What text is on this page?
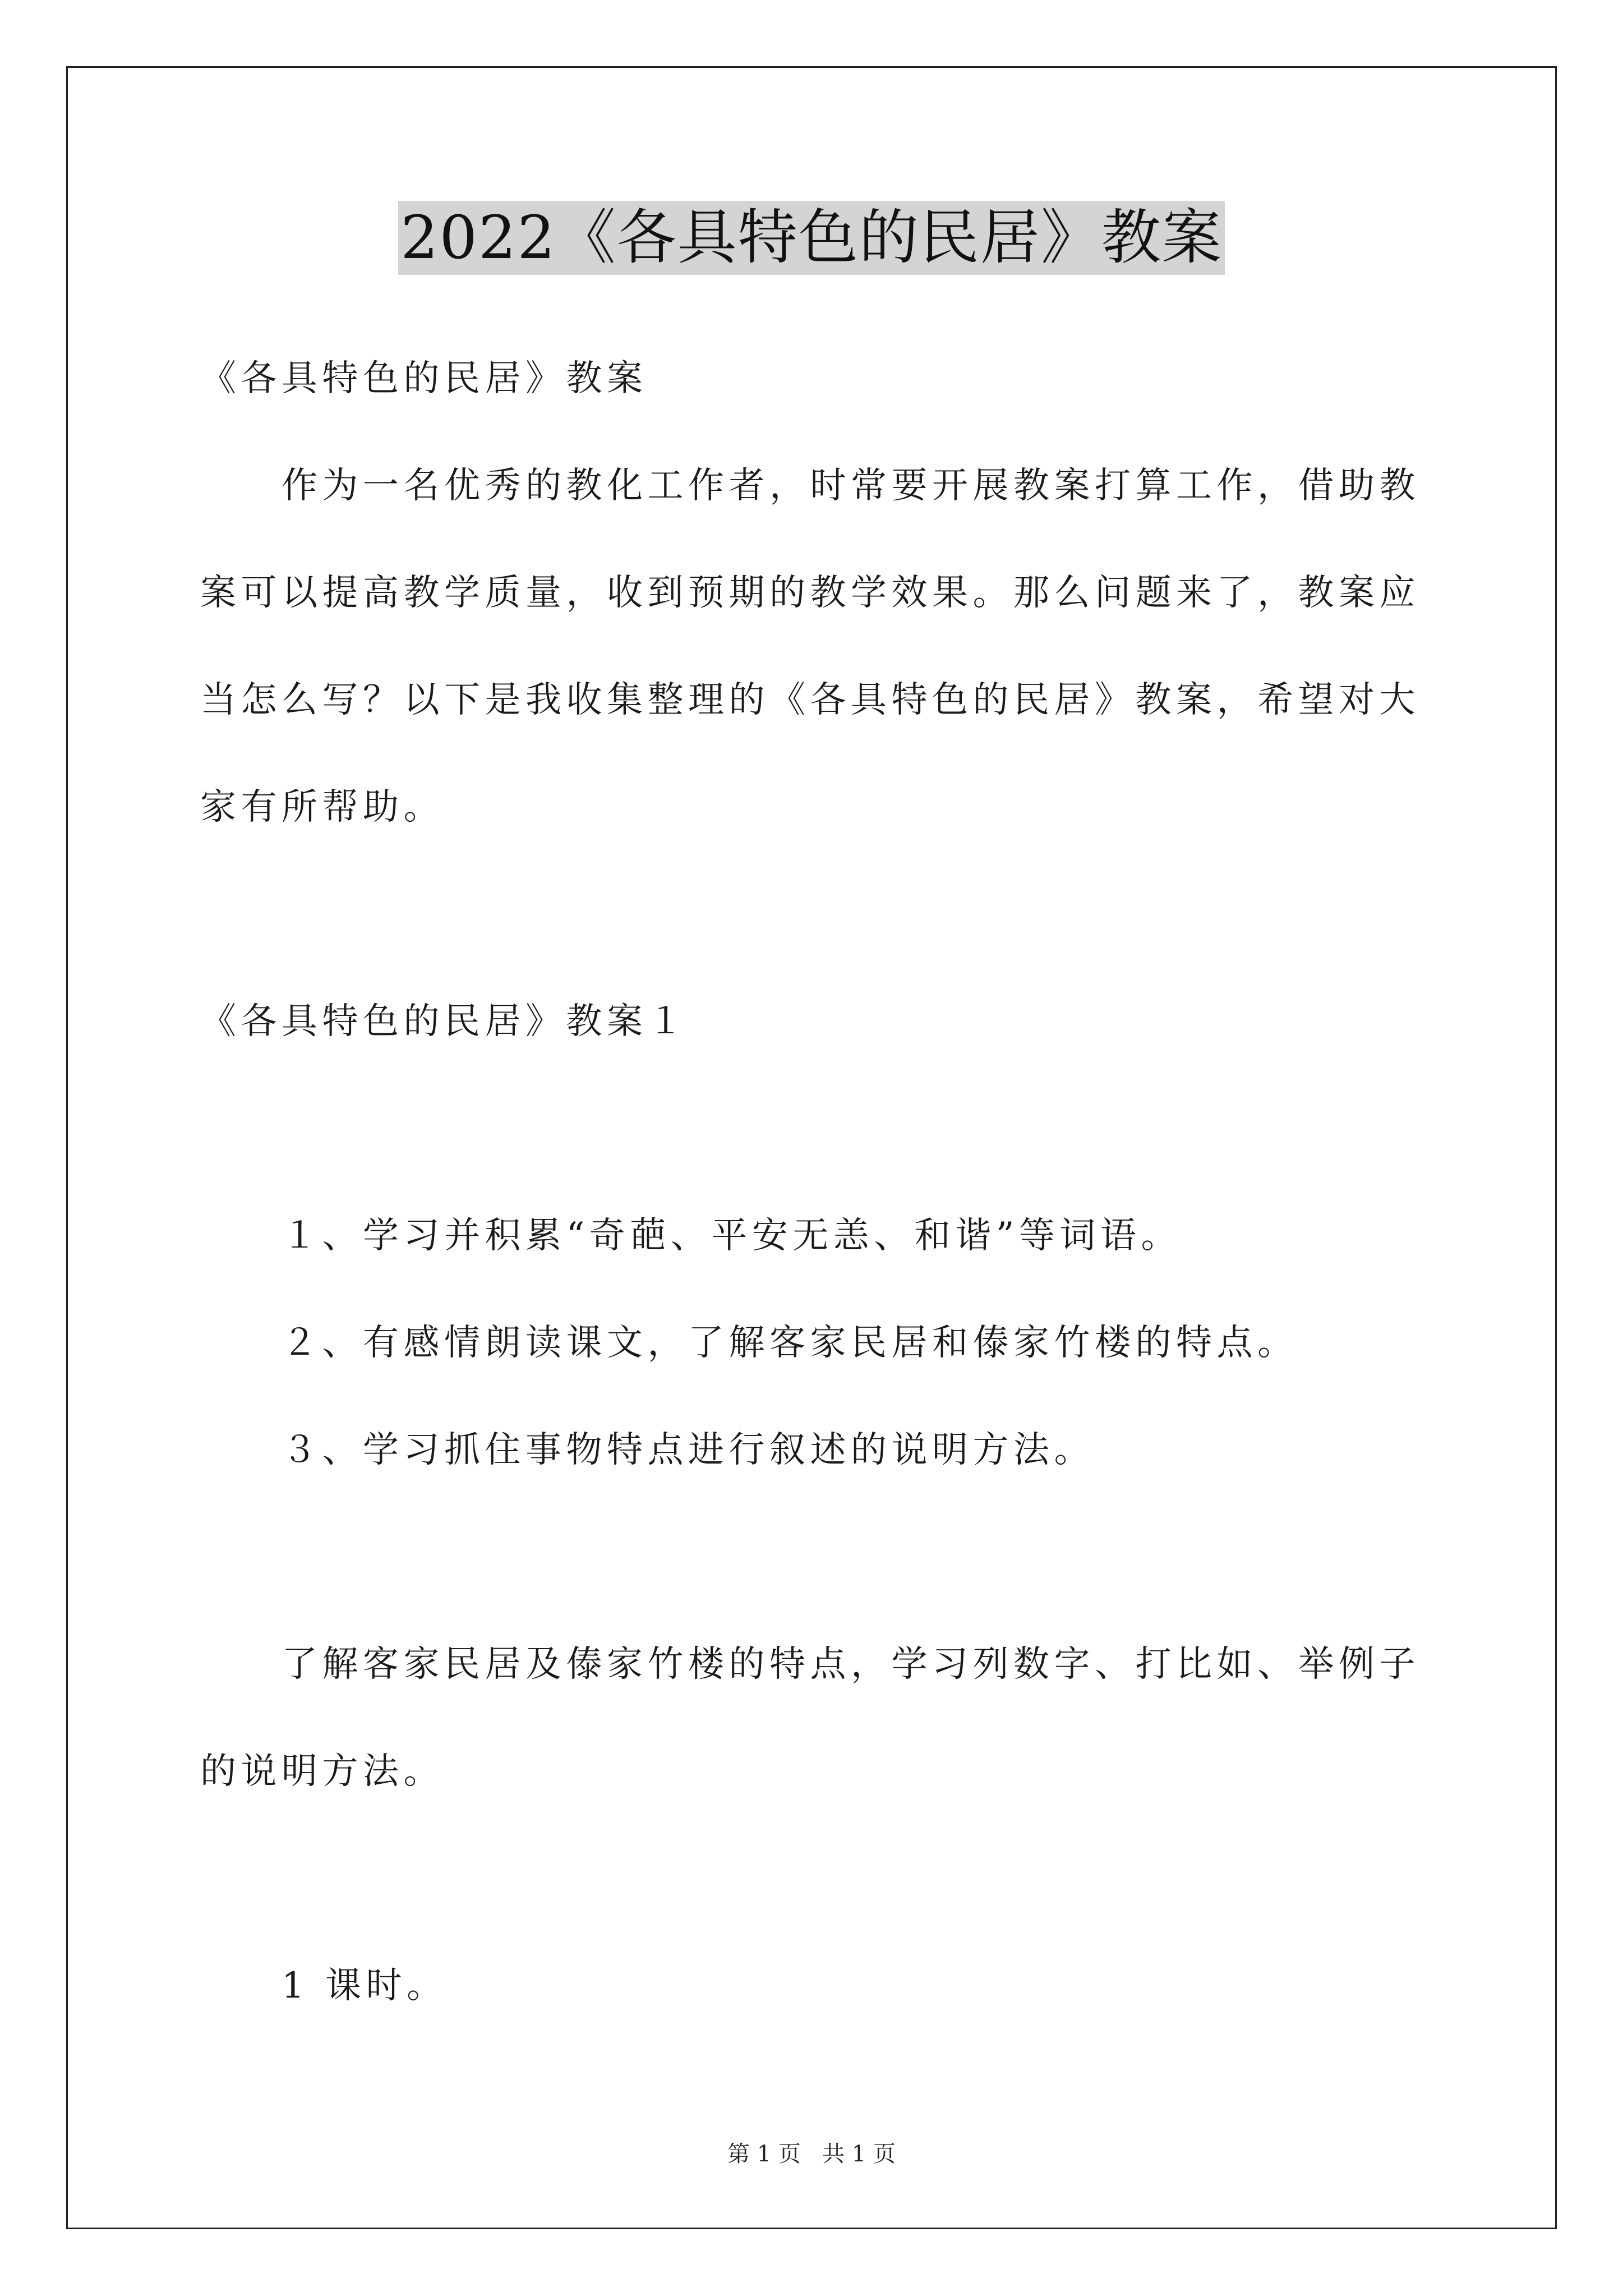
2022《各具特色的民居》教案
《各具特色的民居》教案
作为一名优秀的教化工作者，时常要开展教案打算工作，借助教
案可以提高教学质量，收到预期的教学效果。那么问题来了，教案应
当怎么写？以下是我收集整理的《各具特色的民居》教案，希望对大
家有所帮助。
《各具特色的民居》教案１
１、学习并积累“奇葩、平安无恙、和谐”等词语。
２、有感情朗读课文，了解客家民居和傣家竹楼的特点。
３、学习抓住事物特点进行叙述的说明方法。
了解客家民居及傣家竹楼的特点，学习列数字、打比如、举例子
的说明方法。
1 课时。
第 1 页 共 1 页
